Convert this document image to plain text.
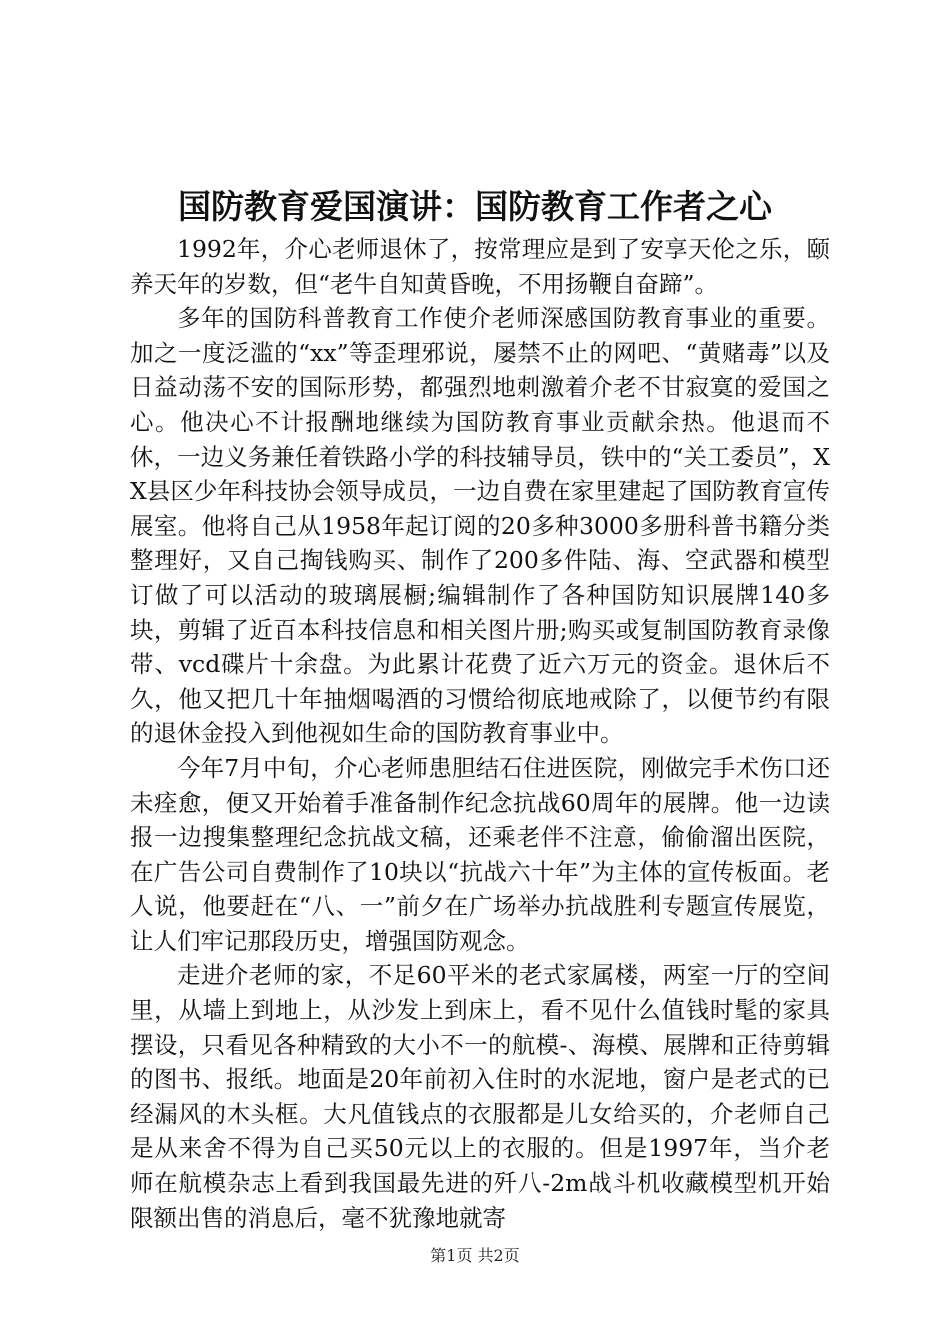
国防教育爱国演讲：国防教育工作者之心

1992年，介心老师退休了，按常理应是到了安享天伦之乐，颐养天年的岁数，但“老牛自知黄昏晚，不用扬鞭自奋蹄”。

多年的国防科普教育工作使介老师深感国防教育事业的重要。加之一度泛滥的“xx”等歪理邪说，屡禁不止的网吧、“黄赌毒”以及日益动荡不安的国际形势，都强烈地刺激着介老不甘寂寞的爱国之心。他决心不计报酬地继续为国防教育事业贡献余热。他退而不休，一边义务兼任着铁路小学的科技辅导员，铁中的“关工委员”，XX县区少年科技协会领导成员，一边自费在家里建起了国防教育宣传展室。他将自己从1958年起订阅的20多种3000多册科普书籍分类整理好，又自己掏钱购买、制作了200多件陆、海、空武器和模型订做了可以活动的玻璃展橱;编辑制作了各种国防知识展牌140多块，剪辑了近百本科技信息和相关图片册;购买或复制国防教育录像带、vcd碟片十余盘。为此累计花费了近六万元的资金。退休后不久，他又把几十年抽烟喝酒的习惯给彻底地戒除了，以便节约有限的退休金投入到他视如生命的国防教育事业中。

今年7月中旬，介心老师患胆结石住进医院，刚做完手术伤口还未痊愈，便又开始着手准备制作纪念抗战60周年的展牌。他一边读报一边搜集整理纪念抗战文稿，还乘老伴不注意，偷偷溜出医院，在广告公司自费制作了10块以“抗战六十年”为主体的宣传板面。老人说，他要赶在“八、一”前夕在广场举办抗战胜利专题宣传展览，让人们牢记那段历史，增强国防观念。

走进介老师的家，不足60平米的老式家属楼，两室一厅的空间里，从墙上到地上，从沙发上到床上，看不见什么值钱时髦的家具摆设，只看见各种精致的大小不一的航模-、海模、展牌和正待剪辑的图书、报纸。地面是20年前初入住时的水泥地，窗户是老式的已经漏风的木头框。大凡值钱点的衣服都是儿女给买的，介老师自己是从来舍不得为自己买50元以上的衣服的。但是1997年，当介老师在航模杂志上看到我国最先进的歼八-2m战斗机收藏模型机开始限额出售的消息后，毫不犹豫地就寄

第1页 共2页
